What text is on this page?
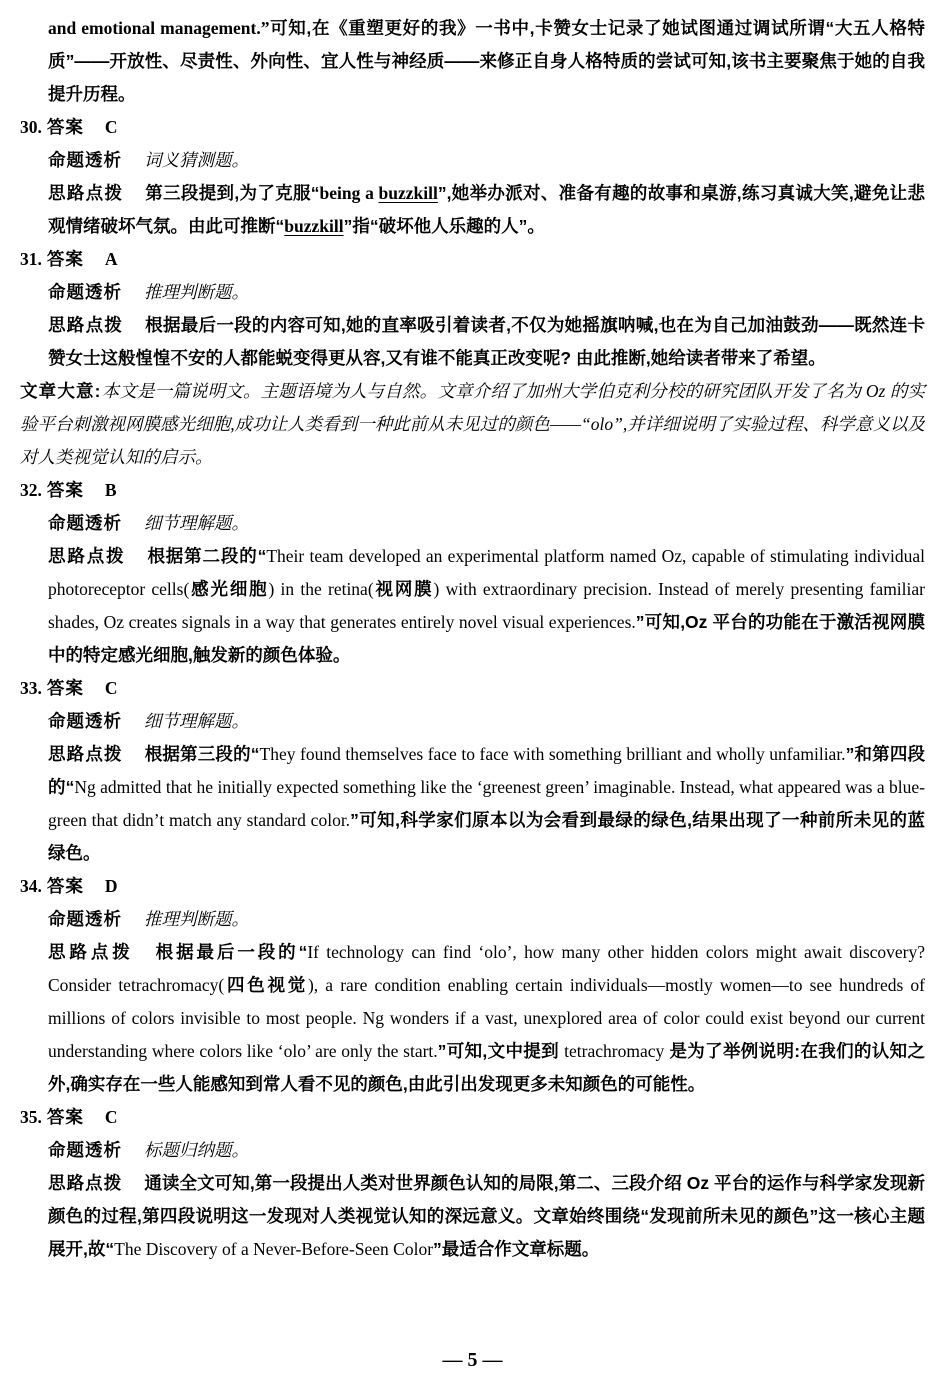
and emotional management.”可知,在《重塑更好的我》一书中,卡赞女士记录了她试图通过调试所谓“大五人格特质”——开放性、尽责性、外向性、宜人性与神经质——来修正自身人格特质的尝试可知,该书主要聚焦于她的自我提升历程。

30. 答案 C

命题透析 词义猜测题。

思路点拨 第三段提到,为了克服“being a buzzkill”,她举办派对、准备有趣的故事和桌游,练习真诚大笑,避免让悲观情绪破坏气氛。由此可推断“buzzkill”指“破坏他人乐趣的人”。

31. 答案 A

命题透析 推理判断题。

思路点拨 根据最后一段的内容可知,她的直率吸引着读者,不仅为她摇旗呐喊,也在为自己加油鼓劲——既然连卡赞女士这般惶惶不安的人都能蜕变得更从容,又有谁不能真正改变呢? 由此推断,她给读者带来了希望。

文章大意:本文是一篇说明文。主题语境为人与自然。文章介绍了加州大学伯克利分校的研究团队开发了名为 Oz 的实验平台刺激视网膜感光细胞,成功让人类看到一种此前从未见过的颜色——“olo”,并详细说明了实验过程、科学意义以及对人类视觉认知的启示。

32. 答案 B

命题透析 细节理解题。

思路点拨 根据第二段的“Their team developed an experimental platform named Oz, capable of stimulating individual photoreceptor cells(感光细胞) in the retina(视网膜) with extraordinary precision. Instead of merely presenting familiar shades, Oz creates signals in a way that generates entirely novel visual experiences.”可知,Oz 平台的功能在于激活视网膜中的特定感光细胞,触发新的颜色体验。

33. 答案 C

命题透析 细节理解题。

思路点拨 根据第三段的“They found themselves face to face with something brilliant and wholly unfamiliar.”和第四段的“Ng admitted that he initially expected something like the ‘greenest green’ imaginable. Instead, what appeared was a blue-green that didn’t match any standard color.”可知,科学家们原本以为会看到最绿的绿色,结果出现了一种前所未见的蓝绿色。

34. 答案 D

命题透析 推理判断题。

思路点拨 根据最后一段的“If technology can find ‘olo’, how many other hidden colors might await discovery? Consider tetrachromacy(四色视觉), a rare condition enabling certain individuals—mostly women—to see hundreds of millions of colors invisible to most people. Ng wonders if a vast, unexplored area of color could exist beyond our current understanding where colors like ‘olo’ are only the start.”可知,文中提到 tetrachromacy 是为了举例说明:在我们的认知之外,确实存在一些人能感知到常人看不见的颜色,由此引出发现更多未知颜色的可能性。

35. 答案 C

命题透析 标题归纳题。

思路点拨 通读全文可知,第一段提出人类对世界颜色认知的局限,第二、三段介绍 Oz 平台的运作与科学家发现新颜色的过程,第四段说明这一发现对人类视觉认知的深远意义。文章始终围绕“发现前所未见的颜色”这一核心主题展开,故“The Discovery of a Never-Before-Seen Color”最适合作文章标题。

— 5 —
